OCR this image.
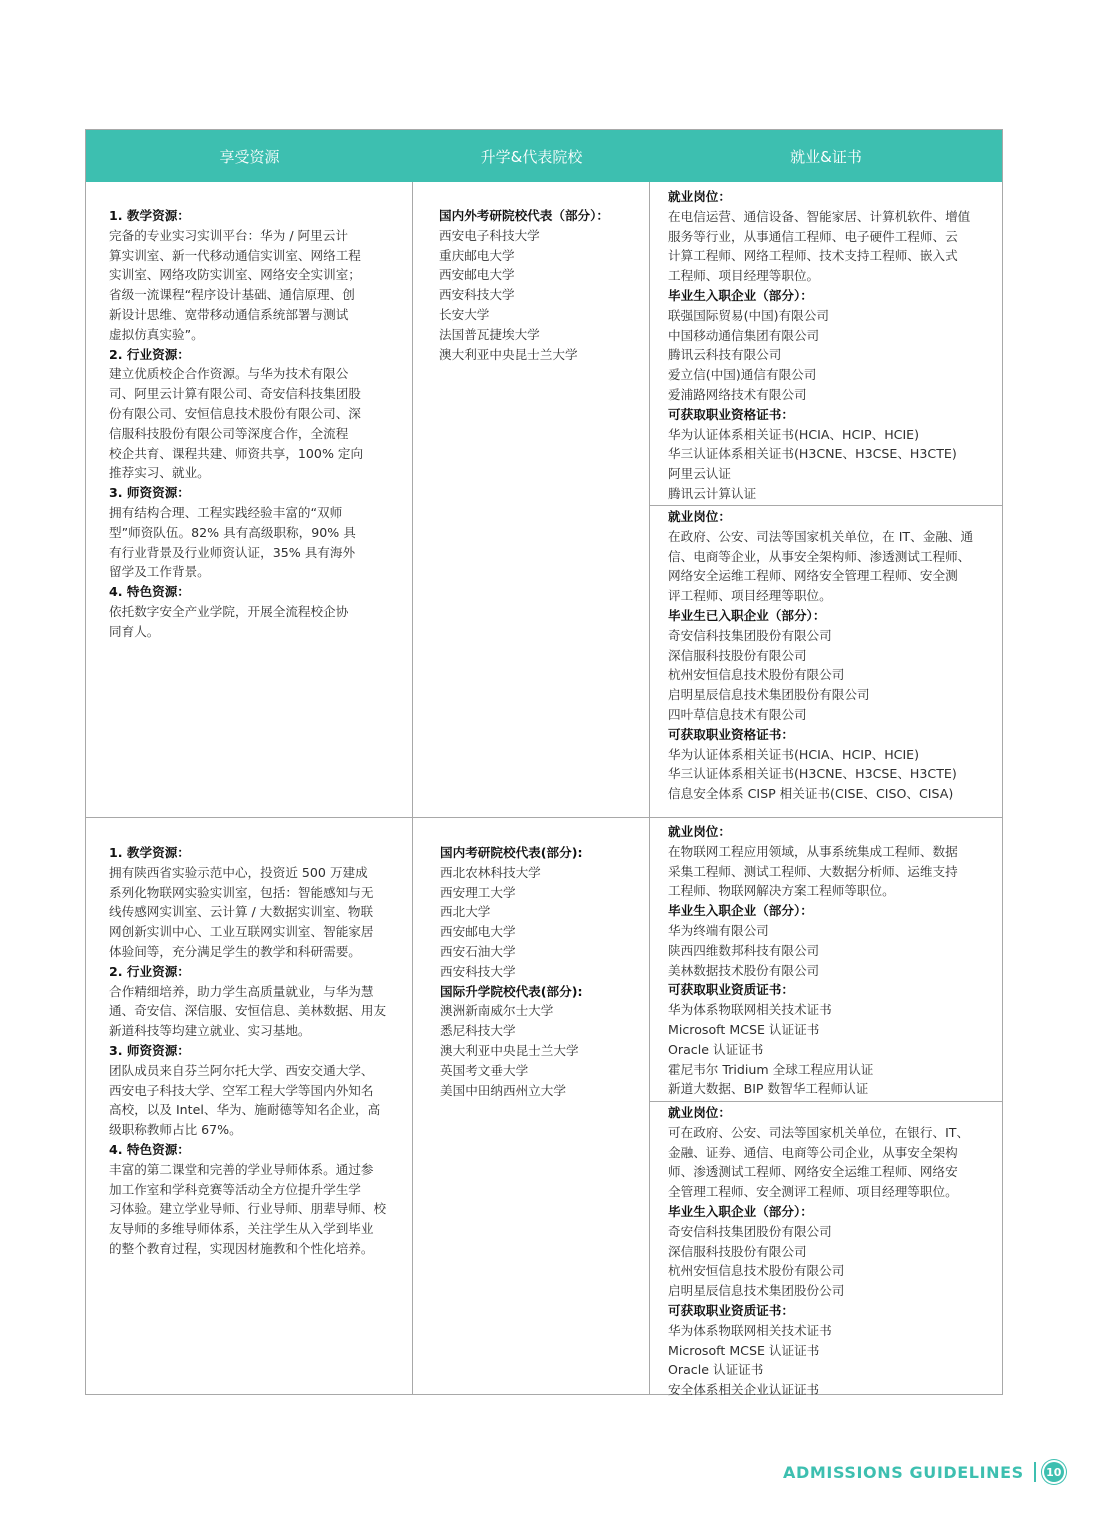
享受资源	升学&代表院校	就业&证书

1. 教学资源：

完备的专业实习实训平台：华为 / 阿里云计

算实训室、新一代移动通信实训室、网络工程

实训室、网络攻防实训室、网络安全实训室；

省级一流课程“程序设计基础、通信原理、创

新设计思维、宽带移动通信系统部署与测试

虚拟仿真实验”。

2. 行业资源：

建立优质校企合作资源。与华为技术有限公

司、阿里云计算有限公司、奇安信科技集团股

份有限公司、安恒信息技术股份有限公司、深

信服科技股份有限公司等深度合作，全流程

校企共育、课程共建、师资共享，100% 定向

推荐实习、就业。

3. 师资资源：

拥有结构合理、工程实践经验丰富的“双师

型”师资队伍。82% 具有高级职称，90% 具

有行业背景及行业师资认证，35% 具有海外

留学及工作背景。

4. 特色资源：

依托数字安全产业学院，开展全流程校企协

同育人。

国内外考研院校代表（部分）：

西安电子科技大学

重庆邮电大学

西安邮电大学

西安科技大学

长安大学

法国普瓦捷埃大学

澳大利亚中央昆士兰大学

就业岗位：

在电信运营、通信设备、智能家居、计算机软件、增值

服务等行业，从事通信工程师、电子硬件工程师、云

计算工程师、网络工程师、技术支持工程师、嵌入式

工程师、项目经理等职位。

毕业生入职企业（部分）：

联强国际贸易(中国)有限公司

中国移动通信集团有限公司

腾讯云科技有限公司

爱立信(中国)通信有限公司

爱浦路网络技术有限公司

可获取职业资格证书：

华为认证体系相关证书(HCIA、HCIP、HCIE)

华三认证体系相关证书(H3CNE、H3CSE、H3CTE)

阿里云认证

腾讯云计算认证

就业岗位：

在政府、公安、司法等国家机关单位，在 IT、金融、通

信、电商等企业，从事安全架构师、渗透测试工程师、

网络安全运维工程师、网络安全管理工程师、安全测

评工程师、项目经理等职位。

毕业生已入职企业（部分）：

奇安信科技集团股份有限公司

深信服科技股份有限公司

杭州安恒信息技术股份有限公司

启明星辰信息技术集团股份有限公司

四叶草信息技术有限公司

可获取职业资格证书：

华为认证体系相关证书(HCIA、HCIP、HCIE)

华三认证体系相关证书(H3CNE、H3CSE、H3CTE)

信息安全体系 CISP 相关证书(CISE、CISO、CISA)

1. 教学资源：

拥有陕西省实验示范中心，投资近 500 万建成

系列化物联网实验实训室，包括：智能感知与无

线传感网实训室、云计算 / 大数据实训室、物联

网创新实训中心、工业互联网实训室、智能家居

体验间等，充分满足学生的教学和科研需要。

2. 行业资源：

合作精细培养，助力学生高质量就业，与华为慧

通、奇安信、深信服、安恒信息、美林数据、用友

新道科技等均建立就业、实习基地。

3. 师资资源：

团队成员来自芬兰阿尔托大学、西安交通大学、

西安电子科技大学、空军工程大学等国内外知名

高校，以及 Intel、华为、施耐德等知名企业，高

级职称教师占比 67%。

4. 特色资源：

丰富的第二课堂和完善的学业导师体系。通过参

加工作室和学科竞赛等活动全方位提升学生学

习体验。建立学业导师、行业导师、朋辈导师、校

友导师的多维导师体系，关注学生从入学到毕业

的整个教育过程，实现因材施教和个性化培养。

国内考研院校代表(部分):

西北农林科技大学

西安理工大学

西北大学

西安邮电大学

西安石油大学

西安科技大学

国际升学院校代表(部分):

澳洲新南威尔士大学

悉尼科技大学

澳大利亚中央昆士兰大学

英国考文垂大学

美国中田纳西州立大学

就业岗位：

在物联网工程应用领域，从事系统集成工程师、数据

采集工程师、测试工程师、大数据分析师、运维支持

工程师、物联网解决方案工程师等职位。

毕业生入职企业（部分）：

华为终端有限公司

陕西四维数邦科技有限公司

美林数据技术股份有限公司

可获取职业资质证书：

华为体系物联网相关技术证书

Microsoft MCSE 认证证书

Oracle 认证证书

霍尼韦尔 Tridium 全球工程应用认证

新道大数据、BIP 数智华工程师认证

就业岗位：

可在政府、公安、司法等国家机关单位，在银行、IT、

金融、证券、通信、电商等公司企业，从事安全架构

师、渗透测试工程师、网络安全运维工程师、网络安

全管理工程师、安全测评工程师、项目经理等职位。

毕业生入职企业（部分）：

奇安信科技集团股份有限公司

深信服科技股份有限公司

杭州安恒信息技术股份有限公司

启明星辰信息技术集团股份公司

可获取职业资质证书：

华为体系物联网相关技术证书

Microsoft MCSE 认证证书

Oracle 认证证书

安全体系相关企业认证证书

ADMISSIONS GUIDELINES 10
